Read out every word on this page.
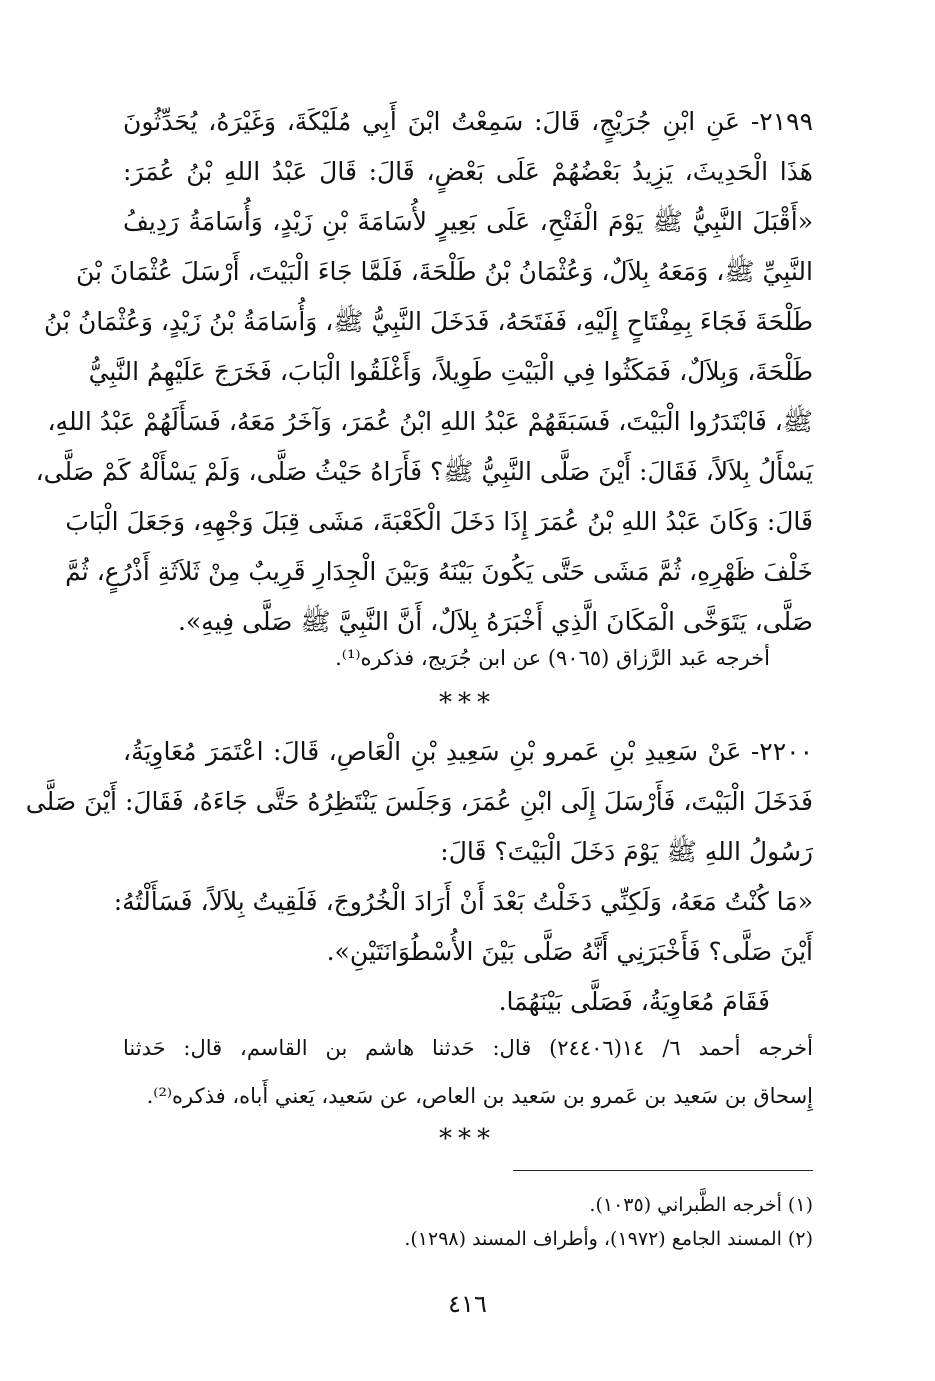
٢١٩٩- عَنِ ابْنِ جُرَيْجٍ، قَالَ: سَمِعْتُ ابْنَ أَبِي مُلَيْكَةَ، وَغَيْرَهُ، يُحَدِّثُونَ
هَذَا الْحَدِيثَ، يَزِيدُ بَعْضُهُمْ عَلَى بَعْضٍ، قَالَ: قَالَ عَبْدُ اللهِ بْنُ عُمَرَ:
«أَقْبَلَ النَّبِيُّ ﷺ يَوْمَ الْفَتْحِ، عَلَى بَعِيرٍ لأُسَامَةَ بْنِ زَيْدٍ، وَأُسَامَةُ رَدِيفُ
النَّبِيِّ ﷺ، وَمَعَهُ بِلاَلٌ، وَعُثْمَانُ بْنُ طَلْحَةَ، فَلَمَّا جَاءَ الْبَيْتَ، أَرْسَلَ عُثْمَانَ بْنَ
طَلْحَةَ فَجَاءَ بِمِفْتَاحٍ إِلَيْهِ، فَفَتَحَهُ، فَدَخَلَ النَّبِيُّ ﷺ، وَأُسَامَةُ بْنُ زَيْدٍ، وَعُثْمَانُ بْنُ
طَلْحَةَ، وَبِلاَلٌ، فَمَكَثُوا فِي الْبَيْتِ طَوِيلاً، وَأَغْلَقُوا الْبَابَ، فَخَرَجَ عَلَيْهِمُ النَّبِيُّ
ﷺ، فَابْتَدَرُوا الْبَيْتَ، فَسَبَقَهُمْ عَبْدُ اللهِ ابْنُ عُمَرَ، وَآخَرُ مَعَهُ، فَسَأَلَهُمْ عَبْدُ اللهِ،
يَسْأَلُ بِلاَلاً، فَقَالَ: أَيْنَ صَلَّى النَّبِيُّ ﷺ؟ فَأَرَاهُ حَيْثُ صَلَّى، وَلَمْ يَسْأَلْهُ كَمْ صَلَّى،
قَالَ: وَكَانَ عَبْدُ اللهِ بْنُ عُمَرَ إِذَا دَخَلَ الْكَعْبَةَ، مَشَى قِبَلَ وَجْهِهِ، وَجَعَلَ الْبَابَ
خَلْفَ ظَهْرِهِ، ثُمَّ مَشَى حَتَّى يَكُونَ بَيْنَهُ وَبَيْنَ الْجِدَارِ قَرِيبٌ مِنْ ثَلاَثَةِ أَذْرُعٍ، ثُمَّ
صَلَّى، يَتَوَخَّى الْمَكَانَ الَّذِي أَخْبَرَهُ بِلاَلٌ، أَنَّ النَّبِيَّ ﷺ صَلَّى فِيهِ».
أخرجه عَبد الرَّزاق (٩٠٦٥) عن ابن جُرَيج، فذكره⁽¹⁾.
***
٢٢٠٠- عَنْ سَعِيدِ بْنِ عَمرو بْنِ سَعِيدِ بْنِ الْعَاصِ، قَالَ: اعْتَمَرَ مُعَاوِيَةُ،
فَدَخَلَ الْبَيْتَ، فَأَرْسَلَ إِلَى ابْنِ عُمَرَ، وَجَلَسَ يَنْتَظِرُهُ حَتَّى جَاءَهُ، فَقَالَ: أَيْنَ صَلَّى
رَسُولُ اللهِ ﷺ يَوْمَ دَخَلَ الْبَيْتَ؟ قَالَ:
«مَا كُنْتُ مَعَهُ، وَلَكِنِّي دَخَلْتُ بَعْدَ أَنْ أَرَادَ الْخُرُوجَ، فَلَقِيتُ بِلاَلاً، فَسَأَلْتُهُ:
أَيْنَ صَلَّى؟ فَأَخْبَرَنِي أَنَّهُ صَلَّى بَيْنَ الأُسْطُوَانَتَيْنِ».
فَقَامَ مُعَاوِيَةُ، فَصَلَّى بَيْنَهُمَا.
أخرجه أحمد ٦/ ١٤(٢٤٤٠٦) قال: حَدثنا هاشم بن القاسم، قال: حَدثنا
إِسحاق بن سَعيد بن عَمرو بن سَعيد بن العاص، عن سَعيد، يَعني أَباه، فذكره⁽²⁾.
***
(١) أخرجه الطَّبراني (١٠٣٥).
(٢) المسند الجامع (١٩٧٢)، وأطراف المسند (١٢٩٨).
٤١٦
